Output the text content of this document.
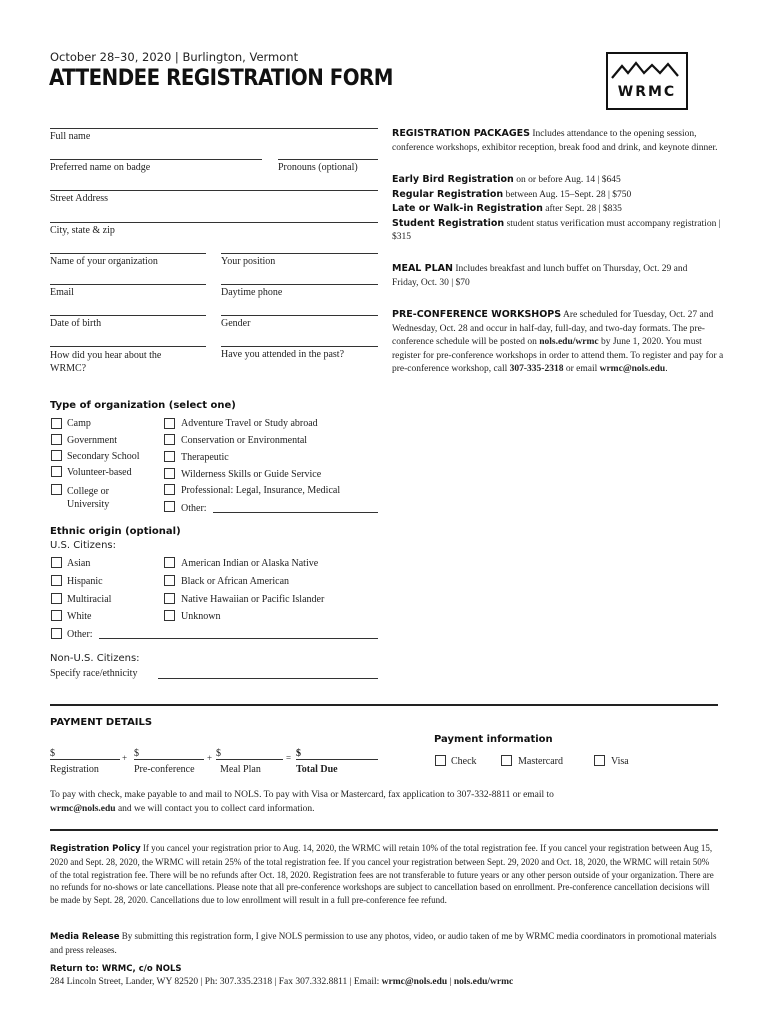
October 28–30, 2020 | Burlington, Vermont
ATTENDEE REGISTRATION FORM
WRMC
Full name
Preferred name on badge	Pronouns (optional)
Street Address
City, state & zip
Name of your organization	Your position
Email	Daytime phone
Date of birth	Gender
How did you hear about the WRMC?
Have you attended in the past?
REGISTRATION PACKAGES Includes attendance to the opening session, conference workshops, exhibitor reception, break food and drink, and keynote dinner.
Early Bird Registration on or before Aug. 14 | $645
Regular Registration between Aug. 15–Sept. 28 | $750
Late or Walk-in Registration after Sept. 28 | $835
Student Registration student status verification must accompany registration | $315
MEAL PLAN Includes breakfast and lunch buffet on Thursday, Oct. 29 and Friday, Oct. 30 | $70
PRE-CONFERENCE WORKSHOPS Are scheduled for Tuesday, Oct. 27 and Wednesday, Oct. 28 and occur in half-day, full-day, and two-day formats. The pre-conference schedule will be posted on nols.edu/wrmc by June 1, 2020. You must register for pre-conference workshops in order to attend them. To register and pay for a pre-conference workshop, call 307-335-2318 or email wrmc@nols.edu.
Type of organization (select one)
Camp
Government
Secondary School
Volunteer-based
College or University
Adventure Travel or Study abroad
Conservation or Environmental
Therapeutic
Wilderness Skills or Guide Service
Professional: Legal, Insurance, Medical
Other:
Ethnic origin (optional)
U.S. Citizens:
Asian
Hispanic
Multiracial
White
Other:
American Indian or Alaska Native
Black or African American
Native Hawaiian or Pacific Islander
Unknown
Non-U.S. Citizens:
Specify race/ethnicity
PAYMENT DETAILS
Payment information
$	+ $	+ $	= $
Registration	Pre-conference	Meal Plan	Total Due
Check	Mastercard	Visa
To pay with check, make payable to and mail to NOLS. To pay with Visa or Mastercard, fax application to 307-332-8811 or email to
wrmc@nols.edu and we will contact you to collect card information.
Registration Policy If you cancel your registration prior to Aug. 14, 2020, the WRMC will retain 10% of the total registration fee. If you cancel your registration between Aug 15, 2020 and Sept. 28, 2020, the WRMC will retain 25% of the total registration fee. If you cancel your registration between Sept. 29, 2020 and Oct. 18, 2020, the WRMC will retain 50% of the total registration fee. There will be no refunds after Oct. 18, 2020. Registration fees are not transferable to future years or any other person outside of your organization. There are no refunds for no-shows or late cancellations. Please note that all pre-conference workshops are subject to cancellation based on enrollment. Pre-conference cancellation decisions will be made by Sept. 28, 2020. Cancellations due to low enrollment will result in a full pre-conference fee refund.
Media Release By submitting this registration form, I give NOLS permission to use any photos, video, or audio taken of me by WRMC media coordinators in promotional materials and press releases.
Return to: WRMC, c/o NOLS
284 Lincoln Street, Lander, WY 82520 | Ph: 307.335.2318 | Fax 307.332.8811 | Email: wrmc@nols.edu | nols.edu/wrmc
